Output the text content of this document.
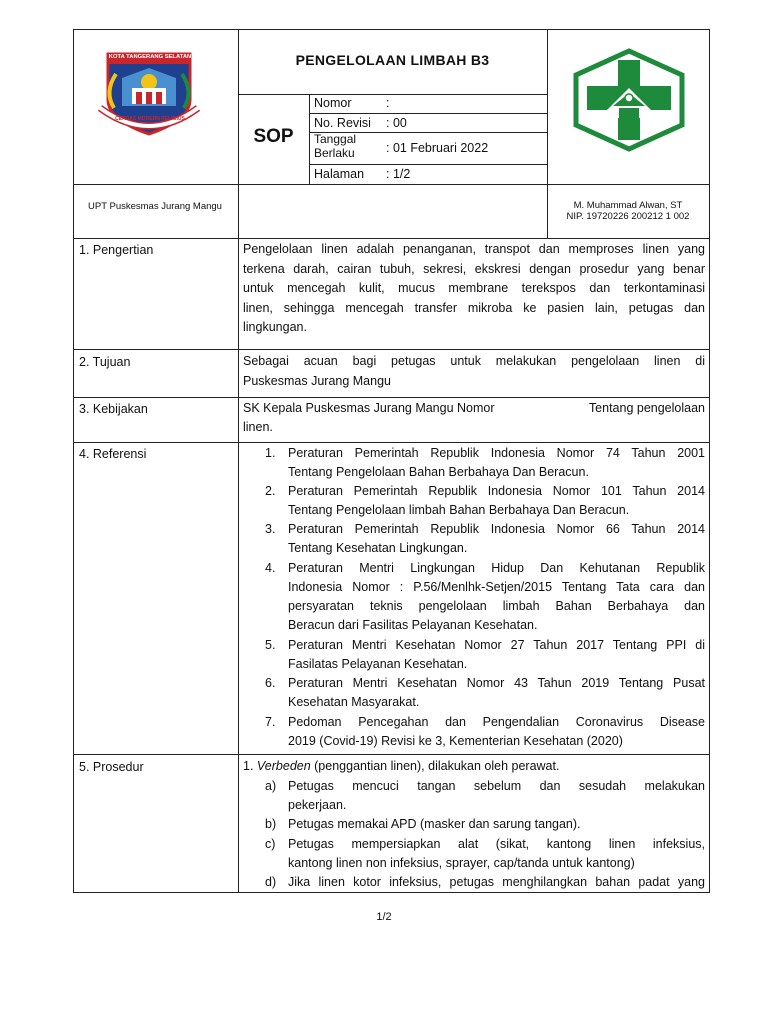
KOTA TANGERANG SELATAN
CERDAS MODERN RELIGIUS
PENGELOLAAN LIMBAH B3
SOP
Nomor	:
No. Revisi : 00
Tanggal Berlaku	: 01 Februari 2022
Halaman : 1/2
UPT Puskesmas Jurang Mangu	M. Muhammad Alwan, ST
NIP. 19720226 200212 1 002
1. Pengertian	Pengelolaan linen adalah penanganan, transpot dan memproses linen yang
terkena darah, cairan tubuh, sekresi, ekskresi dengan prosedur yang benar
untuk mencegah kulit, mucus membrane terekspos dan terkontaminasi
linen, sehingga mencegah transfer mikroba ke pasien lain, petugas dan
lingkungan.
2. Tujuan	Sebagai acuan bagi petugas untuk melakukan pengelolaan linen di
Puskesmas Jurang Mangu
3. Kebijakan	SK Kepala Puskesmas Jurang Mangu Nomor	Tentang pengelolaan
linen.
4. Referensi	1. Peraturan Pemerintah Republik Indonesia Nomor 74 Tahun 2001
Tentang Pengelolaan Bahan Berbahaya Dan Beracun.
2. Peraturan Pemerintah Republik Indonesia Nomor 101 Tahun 2014
Tentang Pengelolaan limbah Bahan Berbahaya Dan Beracun.
3. Peraturan Pemerintah Republik Indonesia Nomor 66 Tahun 2014
Tentang Kesehatan Lingkungan.
4. Peraturan Mentri Lingkungan Hidup Dan Kehutanan Republik
Indonesia Nomor : P.56/Menlhk-Setjen/2015 Tentang Tata cara dan
persyaratan teknis pengelolaan limbah Bahan Berbahaya dan
Beracun dari Fasilitas Pelayanan Kesehatan.
5. Peraturan Mentri Kesehatan Nomor 27 Tahun 2017 Tentang PPI di
Fasilatas Pelayanan Kesehatan.
6. Peraturan Mentri Kesehatan Nomor 43 Tahun 2019 Tentang Pusat
Kesehatan Masyarakat.
7. Pedoman Pencegahan dan Pengendalian Coronavirus Disease
2019 (Covid-19) Revisi ke 3, Kementerian Kesehatan (2020)
5. Prosedur	1. Verbeden (penggantian linen), dilakukan oleh perawat.
a) Petugas mencuci tangan sebelum dan sesudah melakukan
pekerjaan.
b) Petugas memakai APD (masker dan sarung tangan).
c) Petugas mempersiapkan alat (sikat, kantong linen infeksius,
kantong linen non infeksius, sprayer, cap/tanda untuk kantong)
d) Jika linen kotor infeksius, petugas menghilangkan bahan padat yang
1/2
